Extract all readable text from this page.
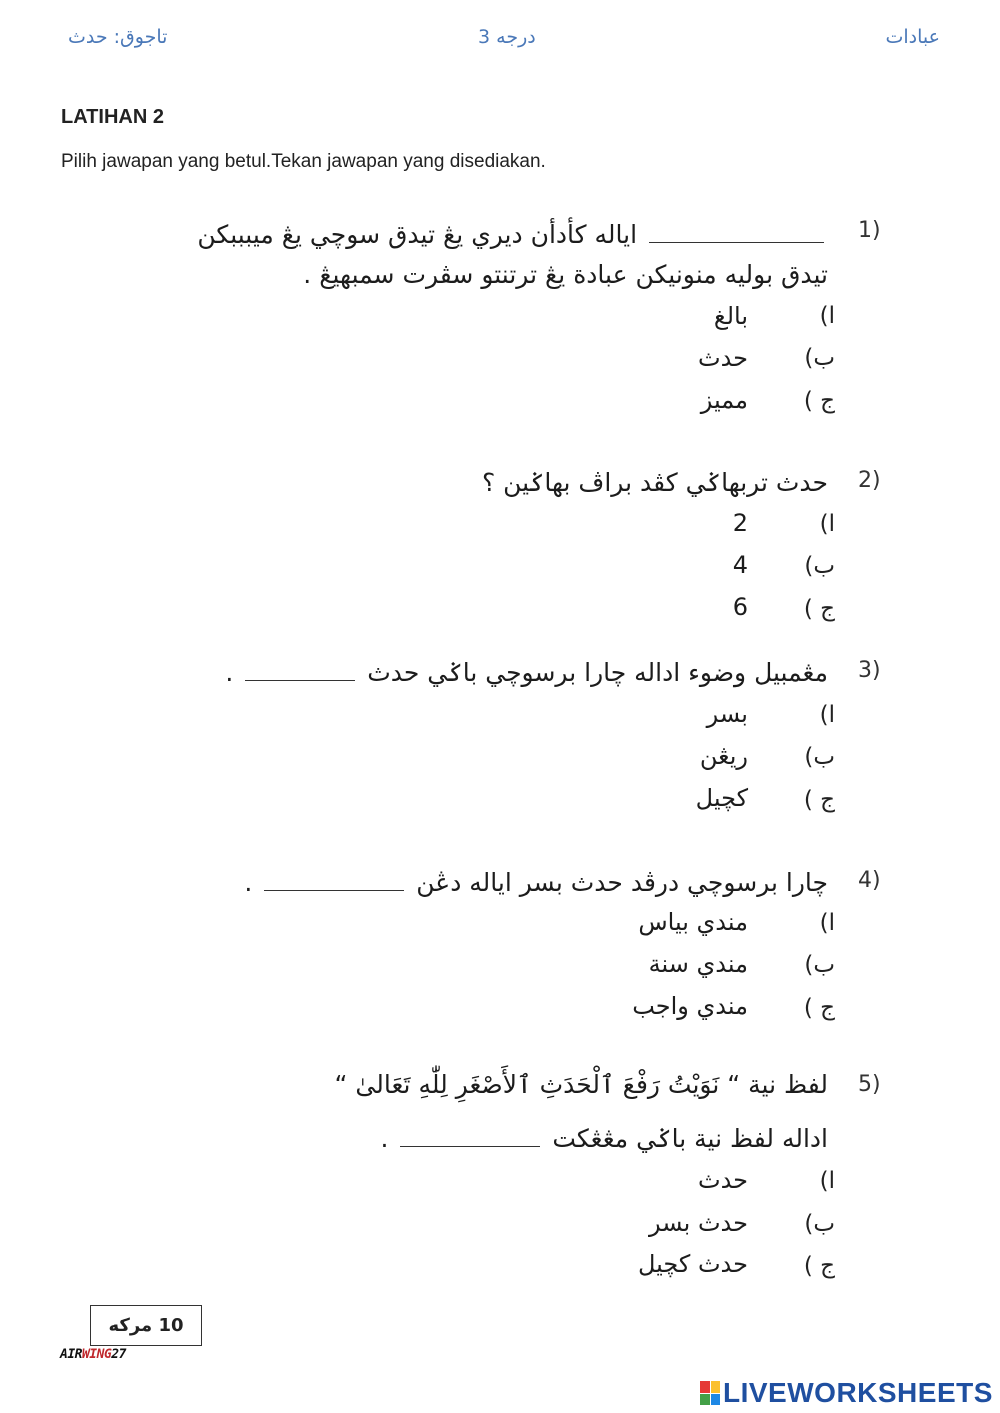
تاجوق: حدث	درجه 3	عبادات
LATIHAN 2
Pilih jawapan yang betul.Tekan jawapan yang disediakan.
1)
اياله كأدأن ديري يڠ تيدق سوچي يڠ ميبببكن
تيدق بوليه منونيكن عبادة يڠ ترتنتو سڤرت سمبهيڠ .
ا)
بالغ
ب)
حدث
ج )
مميز
2)
حدث تربهاݢي كڤد براڤ بهاݢين ؟
ا)
2
ب)
4
ج )
6
3)
مڠمبيل وضوء اداله چارا برسوچي باݢي حدث  .
ا)
بسر
ب)
ريڠن
ج )
كچيل
4)
چارا برسوچي درڤد حدث بسر اياله دڠن  .
ا)
مندي بياس
ب)
مندي سنة
ج )
مندي واجب
5)
لفظ نية “ نَوَيْتُ رَفْعَ ٱلْحَدَثِ ٱلأَصْغَرِ لِلّٰهِ تَعَالىٰ “
اداله لفظ نية باݢي مڠڠكت  .
ا)
حدث
ب)
حدث بسر
ج )
حدث كچيل
10 مركه
AIRWING27
LIVEWORKSHEETS
